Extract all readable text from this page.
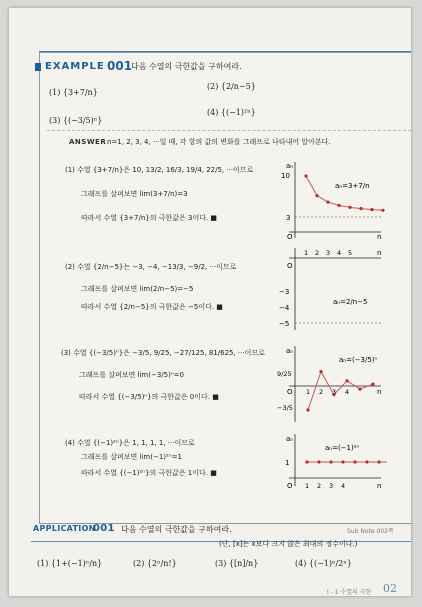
EXAMPLE 001
다음 수열의 극한값을 구하여라.
(1) {3+7/n}
(2) {2/n−5}
(3) {(−3/5)ⁿ}
(4) {(−1)²ⁿ}
ANSWER n=1, 2, 3, 4, ···일 때, 각 항의 값의 변화를 그래프로 나타내어 알아본다.
(1) 수열 {3+7/n}은 10, 13/2, 16/3, 19/4, 22/5, ···이므로
그래프를 살펴보면 lim(3+7/n)=3
따라서 수열 {3+7/n}의 극한값은 3이다. ■
(2) 수열 {2/n−5}는 −3, −4, −13/3, −9/2, ···이므로
그래프를 살펴보면 lim(2/n−5)=−5
따라서 수열 {2/n−5}의 극한값은 −5이다. ■
(3) 수열 {(−3/5)ⁿ}은 −3/5, 9/25, −27/125, 81/625, ···이므로
그래프를 살펴보면 lim(−3/5)ⁿ=0
따라서 수열 {(−3/5)ⁿ}의 극한값은 0이다. ■
(4) 수열 {(−1)²ⁿ}은 1, 1, 1, 1, ···이므로
그래프를 살펴보면 lim(−1)²ⁿ=1
따라서 수열 {(−1)²ⁿ}의 극한값은 1이다. ■
aₙ
n
O
10
3
aₙ=3+7/n
O
n
1 2 3 4 5
−3
−4
−5
aₙ=2/n−5
aₙ
n
O
9/25
−3/5
aₙ=(−3/5)ⁿ
1 2 3 4
aₙ
n
O
1
aₙ=(−1)²ⁿ
1 2 3 4
APPLICATION
001 다음 수열의 극한값을 구하여라.	Sub Note 002쪽
(단, [x]는 x보다 크지 않은 최대의 정수이다.)
(1) {1+(−1)ⁿ/n}	(2) {2ⁿ/n!}	(3) {[n]/n}	(4) {(−1)ⁿ/2ⁿ}
I - 1 수열의 극한 02
